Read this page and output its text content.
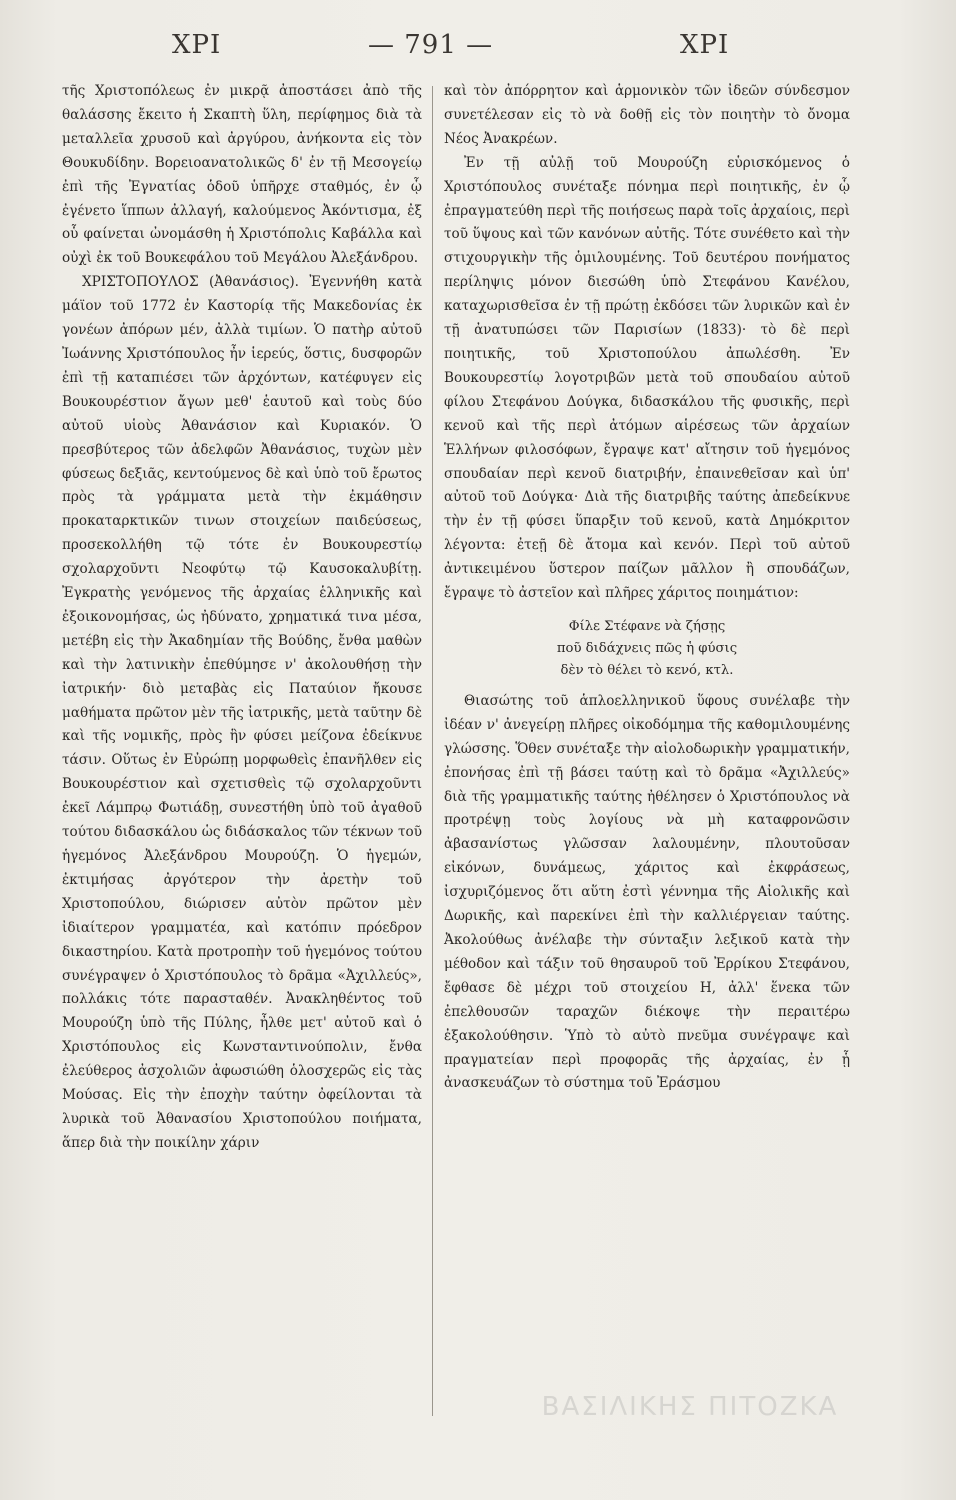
ΧΡΙ	— 791 —	ΧΡΙ

τῆς Χριστοπόλεως ἐν μικρᾷ ἀποστάσει ἀπὸ τῆς θαλάσσης ἔκειτο ἡ Σκαπτὴ ὕλη, περίφημος διὰ τὰ μεταλλεῖα χρυσοῦ καὶ ἀργύρου, ἀνήκοντα εἰς τὸν Θουκυδίδην. Βορειοανατολικῶς δ' ἐν τῇ Μεσογείῳ ἐπὶ τῆς Ἐγνατίας ὁδοῦ ὑπῆρχε σταθμός, ἐν ᾧ ἐγένετο ἵππων ἀλλαγή, καλούμενος Ἀκόντισμα, ἐξ οὗ φαίνεται ὠνομάσθη ἡ Χριστόπολις Καβάλλα καὶ οὐχὶ ἐκ τοῦ Βουκεφάλου τοῦ Μεγάλου Ἀλεξάνδρου.

ΧΡΙΣΤΟΠΟΥΛΟΣ (Ἀθανάσιος). Ἐγεννήθη κατὰ μάϊον τοῦ 1772 ἐν Καστορίᾳ τῆς Μακεδονίας ἐκ γονέων ἀπόρων μέν, ἀλλὰ τιμίων. Ὁ πατὴρ αὐτοῦ Ἰωάννης Χριστόπουλος ἦν ἱερεύς, ὅστις, δυσφορῶν ἐπὶ τῇ καταπιέσει τῶν ἀρχόντων, κατέφυγεν εἰς Βουκουρέστιον ἄγων μεθ' ἑαυτοῦ καὶ τοὺς δύο αὐτοῦ υἱοὺς Ἀθανάσιον καὶ Κυριακόν. Ὁ πρεσβύτερος τῶν ἀδελφῶν Ἀθανάσιος, τυχὼν μὲν φύσεως δεξιᾶς, κεντούμενος δὲ καὶ ὑπὸ τοῦ ἔρωτος πρὸς τὰ γράμματα μετὰ τὴν ἐκμάθησιν προκαταρκτικῶν τινων στοιχείων παιδεύσεως, προσεκολλήθη τῷ τότε ἐν Βουκουρεστίῳ σχολαρχοῦντι Νεοφύτῳ τῷ Καυσοκαλυβίτῃ. Ἐγκρατὴς γενόμενος τῆς ἀρχαίας ἑλληνικῆς καὶ ἐξοικονομήσας, ὡς ἠδύνατο, χρηματικά τινα μέσα, μετέβη εἰς τὴν Ἀκαδημίαν τῆς Βούδης, ἔνθα μαθὼν καὶ τὴν λατινικὴν ἐπεθύμησε ν' ἀκολουθήσῃ τὴν ἰατρικήν· διὸ μεταβὰς εἰς Παταύιον ἤκουσε μαθήματα πρῶτον μὲν τῆς ἰατρικῆς, μετὰ ταῦτην δὲ καὶ τῆς νομικῆς, πρὸς ἣν φύσει μείζονα ἐδείκνυε τάσιν. Οὕτως ἐν Εὐρώπῃ μορφωθεὶς ἐπανῆλθεν εἰς Βουκουρέστιον καὶ σχετισθεὶς τῷ σχολαρχοῦντι ἐκεῖ Λάμπρῳ Φωτιάδῃ, συνεστήθη ὑπὸ τοῦ ἀγαθοῦ τούτου διδασκάλου ὡς διδάσκαλος τῶν τέκνων τοῦ ἡγεμόνος Ἀλεξάνδρου Μουρούζη. Ὁ ἡγεμών, ἐκτιμήσας ἀργότερον τὴν ἀρετὴν τοῦ Χριστοπούλου, διώρισεν αὐτὸν πρῶτον μὲν ἰδιαίτερον γραμματέα, καὶ κατόπιν πρόεδρον δικαστηρίου. Κατὰ προτροπὴν τοῦ ἡγεμόνος τούτου συνέγραψεν ὁ Χριστόπουλος τὸ δρᾶμα «Ἀχιλλεύς», πολλάκις τότε παρασταθέν. Ἀνακληθέντος τοῦ Μουρούζη ὑπὸ τῆς Πύλης, ἦλθε μετ' αὐτοῦ καὶ ὁ Χριστόπουλος εἰς Κωνσταντινούπολιν, ἔνθα ἐλεύθερος ἀσχολιῶν ἀφωσιώθη ὁλοσχερῶς εἰς τὰς Μούσας. Εἰς τὴν ἐποχὴν ταύτην ὀφείλονται τὰ λυρικὰ τοῦ Ἀθανασίου Χριστοπούλου ποιήματα, ἅπερ διὰ τὴν ποικίλην χάριν

καὶ τὸν ἀπόρρητον καὶ ἁρμονικὸν τῶν ἰδεῶν σύνδεσμον συνετέλεσαν εἰς τὸ νὰ δοθῇ εἰς τὸν ποιητὴν τὸ ὄνομα Νέος Ἀνακρέων.

Ἐν τῇ αὐλῇ τοῦ Μουρούζη εὑρισκόμενος ὁ Χριστόπουλος συνέταξε πόνημα περὶ ποιητικῆς, ἐν ᾧ ἐπραγματεύθη περὶ τῆς ποιήσεως παρὰ τοῖς ἀρχαίοις, περὶ τοῦ ὕψους καὶ τῶν κανόνων αὐτῆς. Τότε συνέθετο καὶ τὴν στιχουργικὴν τῆς ὁμιλουμένης. Τοῦ δευτέρου πονήματος περίληψις μόνον διεσώθη ὑπὸ Στεφάνου Κανέλου, καταχωρισθεῖσα ἐν τῇ πρώτῃ ἐκδόσει τῶν λυρικῶν καὶ ἐν τῇ ἀνατυπώσει τῶν Παρισίων (1833)· τὸ δὲ περὶ ποιητικῆς, τοῦ Χριστοπούλου ἀπωλέσθη. Ἐν Βουκουρεστίῳ λογοτριβῶν μετὰ τοῦ σπουδαίου αὐτοῦ φίλου Στεφάνου Δούγκα, διδασκάλου τῆς φυσικῆς, περὶ κενοῦ καὶ τῆς περὶ ἀτόμων αἱρέσεως τῶν ἀρχαίων Ἑλλήνων φιλοσόφων, ἔγραψε κατ' αἴτησιν τοῦ ἡγεμόνος σπουδαίαν περὶ κενοῦ διατριβήν, ἐπαινεθεῖσαν καὶ ὑπ' αὐτοῦ τοῦ Δούγκα· Διὰ τῆς διατριβῆς ταύτης ἀπεδείκνυε τὴν ἐν τῇ φύσει ὕπαρξιν τοῦ κενοῦ, κατὰ Δημόκριτον λέγοντα: ἐτεῇ δὲ ἄτομα καὶ κενόν. Περὶ τοῦ αὐτοῦ ἀντικειμένου ὕστερον παίζων μᾶλλον ἢ σπουδάζων, ἔγραψε τὸ ἀστεῖον καὶ πλῆρες χάριτος ποιημάτιον:

Φίλε Στέφανε νὰ ζήσῃς
ποῦ διδάχνεις πῶς ἡ φύσις
δὲν τὸ θέλει τὸ κενό, κτλ.

Θιασώτης τοῦ ἁπλοελληνικοῦ ὕφους συνέλαβε τὴν ἰδέαν ν' ἀνεγείρῃ πλῆρες οἰκοδόμημα τῆς καθομιλουμένης γλώσσης. Ὅθεν συνέταξε τὴν αἰολοδωρικὴν γραμματικήν, ἐπονήσας ἐπὶ τῇ βάσει ταύτῃ καὶ τὸ δρᾶμα «Ἀχιλλεύς» διὰ τῆς γραμματικῆς ταύτης ἠθέλησεν ὁ Χριστόπουλος νὰ προτρέψῃ τοὺς λογίους νὰ μὴ καταφρονῶσιν ἀβασανίστως γλῶσσαν λαλουμένην, πλουτοῦσαν εἰκόνων, δυνάμεως, χάριτος καὶ ἐκφράσεως, ἰσχυριζόμενος ὅτι αὕτη ἐστὶ γέννημα τῆς Αἰολικῆς καὶ Δωρικῆς, καὶ παρεκίνει ἐπὶ τὴν καλλιέργειαν ταύτης. Ἀκολούθως ἀνέλαβε τὴν σύνταξιν λεξικοῦ κατὰ τὴν μέθοδον καὶ τάξιν τοῦ θησαυροῦ τοῦ Ἐρρίκου Στεφάνου, ἔφθασε δὲ μέχρι τοῦ στοιχείου Η, ἀλλ' ἕνεκα τῶν ἐπελθουσῶν ταραχῶν διέκοψε τὴν περαιτέρω ἐξακολούθησιν. Ὑπὸ τὸ αὐτὸ πνεῦμα συνέγραψε καὶ πραγματείαν περὶ προφορᾶς τῆς ἀρχαίας, ἐν ᾗ ἀνασκευάζων τὸ σύστημα τοῦ Ἐράσμου

ΒΑΣΙΛΙΚΗΣ ΠΙΤΟΖΚΑ
